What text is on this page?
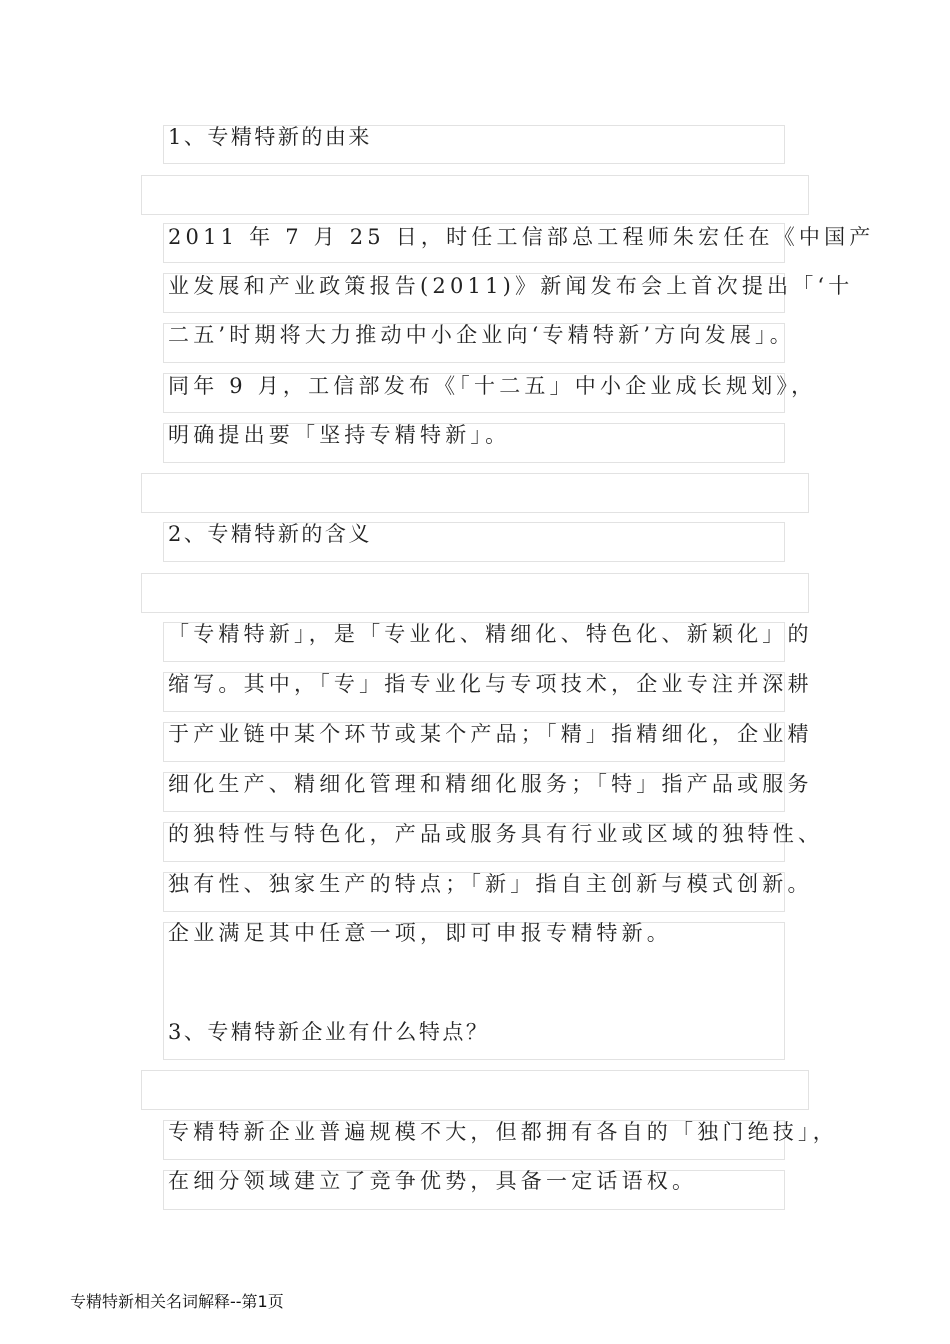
1、专精特新的由来
2011 年 7 月 25 日，时任工信部总工程师朱宏任在《中国产
业发展和产业政策报告(2011)》新闻发布会上首次提出「‘十
二五’时期将大力推动中小企业向‘专精特新’方向发展」。
同年 9 月，工信部发布《「十二五」中小企业成长规划》，
明确提出要「坚持专精特新」。
2、专精特新的含义
「专精特新」，是「专业化、精细化、特色化、新颖化」的
缩写。其中，「专」指专业化与专项技术，企业专注并深耕
于产业链中某个环节或某个产品；「精」指精细化，企业精
细化生产、精细化管理和精细化服务；「特」指产品或服务
的独特性与特色化，产品或服务具有行业或区域的独特性、
独有性、独家生产的特点；「新」指自主创新与模式创新。
企业满足其中任意一项，即可申报专精特新。
3、专精特新企业有什么特点？
专精特新企业普遍规模不大，但都拥有各自的「独门绝技」，
在细分领域建立了竞争优势，具备一定话语权。
专精特新相关名词解释--第1页
